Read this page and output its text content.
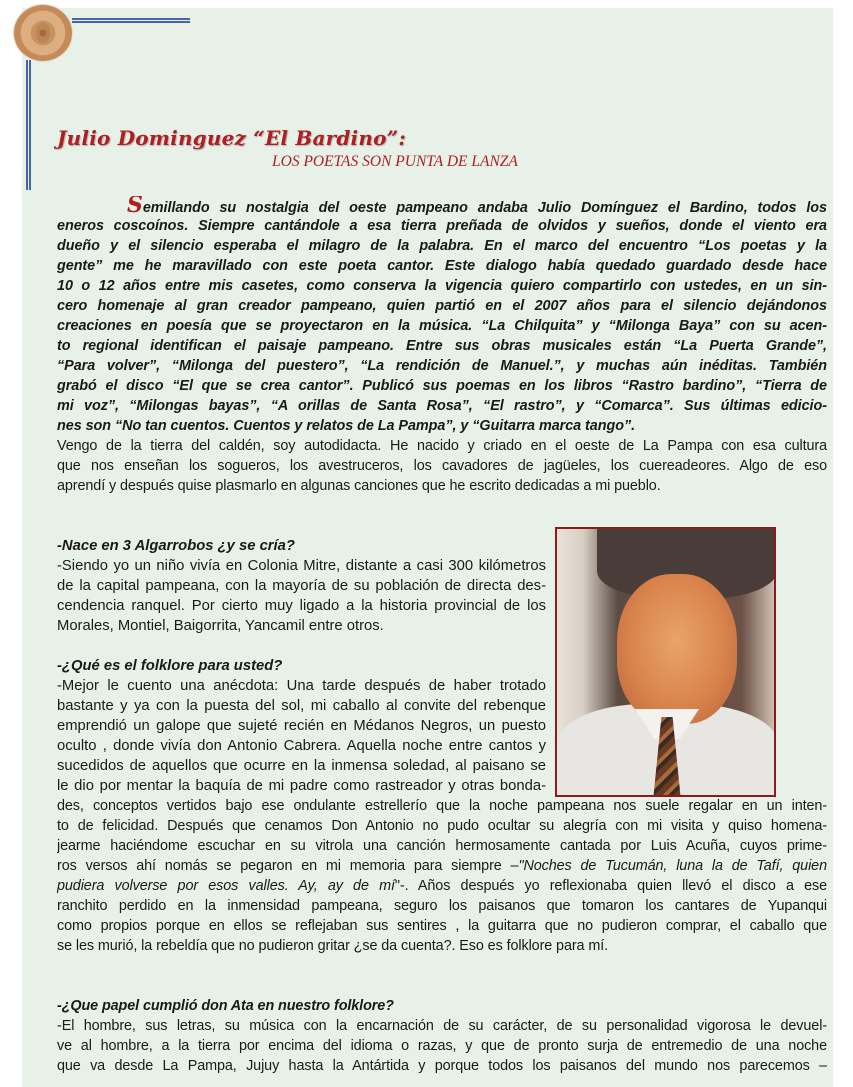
Julio Dominguez “El Bardino”:
LOS POETAS SON PUNTA DE LANZA
Semillando su nostalgia del oeste pampeano andaba Julio Domínguez el Bardino, todos los
eneros coscoínos. Siempre cantándole a esa tierra preñada de olvidos y sueños, donde el viento era
dueño y el silencio esperaba el milagro de la palabra. En el marco del encuentro “Los poetas y la
gente” me he maravillado con este poeta cantor. Este dialogo había quedado guardado desde hace
10 o 12 años entre mis casetes, como conserva la vigencia quiero compartirlo con ustedes, en un sin-
cero homenaje al gran creador pampeano, quien partió en el 2007 años para el silencio dejándonos
creaciones en poesía que se proyectaron en la música. “La Chilquita” y “Milonga Baya” con su acen-
to regional identifican el paisaje pampeano. Entre sus obras musicales están “La Puerta Grande”,
“Para volver”, “Milonga del puestero”, “La rendición de Manuel.”, y muchas aún inéditas. También
grabó el disco “El que se crea cantor”. Publicó sus poemas en los libros “Rastro bardino”, “Tierra de
mi voz”, “Milongas bayas”, “A orillas de Santa Rosa”, “El rastro”, y “Comarca”. Sus últimas edicio-
nes son “No tan cuentos. Cuentos y relatos de La Pampa”, y “Guitarra marca tango”.
Vengo de la tierra del caldén, soy autodidacta. He nacido y criado en el oeste de La Pampa con esa cultura
que nos enseñan los sogueros, los avestruceros, los cavadores de jagüeles, los cuereadeores. Algo de eso
aprendí y después quise plasmarlo en algunas canciones que he escrito dedicadas a mi pueblo.
-Nace en 3 Algarrobos ¿y se cría?
-Siendo yo un niño vivía en Colonia Mitre, distante a casi 300 kilómetros
de la capital pampeana, con la mayoría de su población de directa des-
cendencia ranquel. Por cierto muy ligado a la historia provincial de los
Morales, Montiel, Baigorrita, Yancamil entre otros.
-¿Qué es el folklore para usted?
-Mejor le cuento una anécdota: Una tarde después de haber trotado
bastante y ya con la puesta del sol, mi caballo al convite del rebenque
emprendió un galope que sujeté recién en Médanos Negros, un puesto
oculto , donde vivía don Antonio Cabrera. Aquella noche entre cantos y
sucedidos de aquellos que ocurre en la inmensa soledad, al paisano se
le dio por mentar la baquía de mi padre como rastreador y otras bonda-
des, conceptos vertidos bajo ese ondulante estrellerío que la noche pampeana nos suele regalar en un inten-
to de felicidad. Después que cenamos Don Antonio no pudo ocultar su alegría con mi visita y quiso homena-
jearme haciéndome escuchar en su vitrola una canción hermosamente cantada por Luis Acuña, cuyos prime-
ros versos ahí nomás se pegaron en mi memoria para siempre –"Noches de Tucumán, luna la de Tafí, quien
pudiera volverse por esos valles. Ay, ay de mí"-. Años después yo reflexionaba quien llevó el disco a ese
ranchito perdido en la inmensidad pampeana, seguro los paisanos que tomaron los cantares de Yupanqui
como propios porque en ellos se reflejaban sus sentires , la guitarra que no pudieron comprar, el caballo que
se les murió, la rebeldía que no pudieron gritar ¿se da cuenta?. Eso es folklore para mí.
-¿Que papel cumplió don Ata en nuestro folklore?
-El hombre, sus letras, su música con la encarnación de su carácter, de su personalidad vigorosa le devuel-
ve al hombre, a la tierra por encima del idioma o razas, y que de pronto surja de entremedio de una noche
que va desde La Pampa, Jujuy hasta la Antártida y porque todos los paisanos del mundo nos parecemos –
